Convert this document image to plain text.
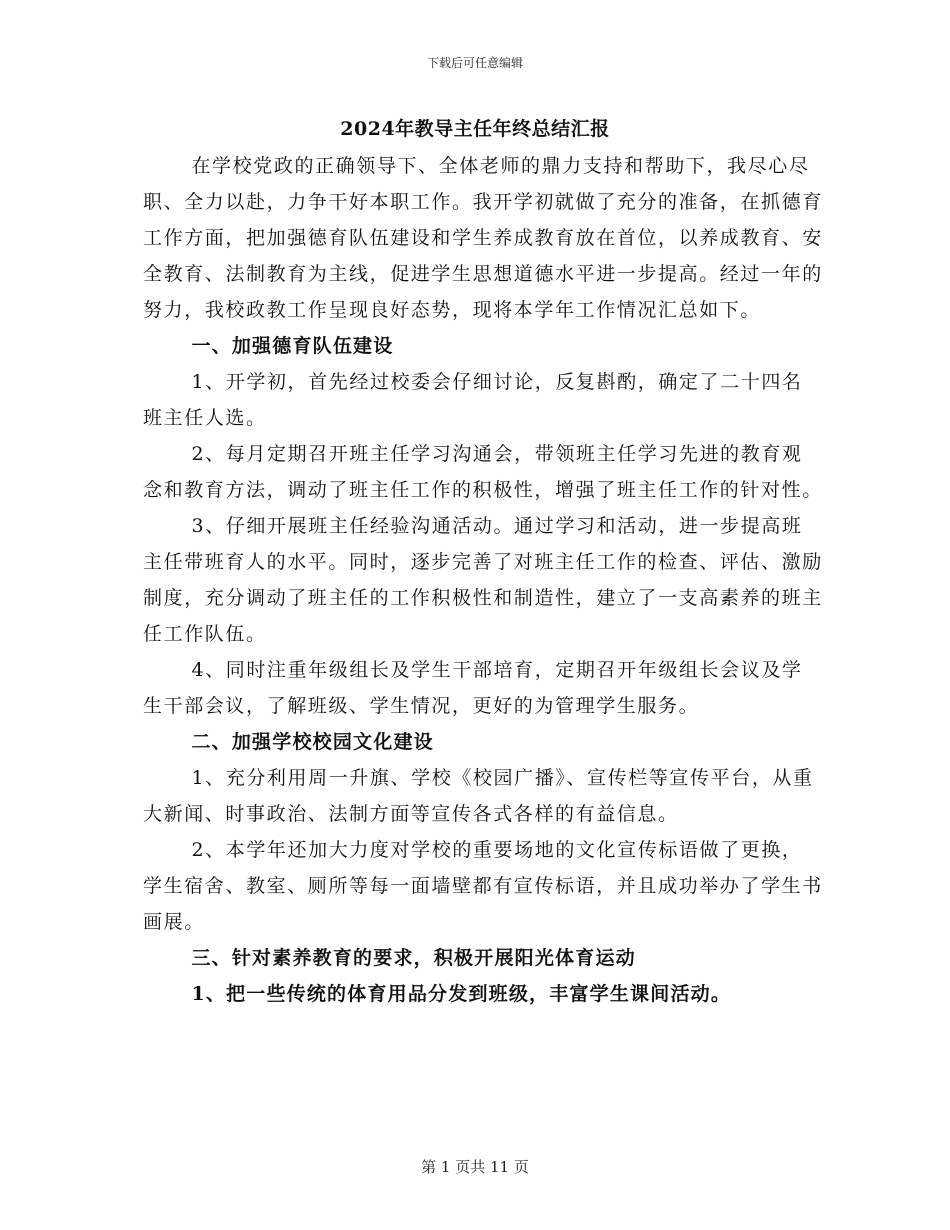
下载后可任意编辑
2024年教导主任年终总结汇报

在学校党政的正确领导下、全体老师的鼎力支持和帮助下，我尽心尽职、全力以赴，力争干好本职工作。我开学初就做了充分的准备，在抓德育工作方面，把加强德育队伍建设和学生养成教育放在首位，以养成教育、安全教育、法制教育为主线，促进学生思想道德水平进一步提高。经过一年的努力，我校政教工作呈现良好态势，现将本学年工作情况汇总如下。

一、加强德育队伍建设

1、开学初，首先经过校委会仔细讨论，反复斟酌，确定了二十四名班主任人选。

2、每月定期召开班主任学习沟通会，带领班主任学习先进的教育观念和教育方法，调动了班主任工作的积极性，增强了班主任工作的针对性。

3、仔细开展班主任经验沟通活动。通过学习和活动，进一步提高班主任带班育人的水平。同时，逐步完善了对班主任工作的检查、评估、激励制度，充分调动了班主任的工作积极性和制造性，建立了一支高素养的班主任工作队伍。

4、同时注重年级组长及学生干部培育，定期召开年级组长会议及学生干部会议，了解班级、学生情况，更好的为管理学生服务。

二、加强学校校园文化建设

1、充分利用周一升旗、学校《校园广播》、宣传栏等宣传平台，从重大新闻、时事政治、法制方面等宣传各式各样的有益信息。

2、本学年还加大力度对学校的重要场地的文化宣传标语做了更换，学生宿舍、教室、厕所等每一面墙壁都有宣传标语，并且成功举办了学生书画展。

三、针对素养教育的要求，积极开展阳光体育运动

1、把一些传统的体育用品分发到班级，丰富学生课间活动。

第 1 页共 11 页
